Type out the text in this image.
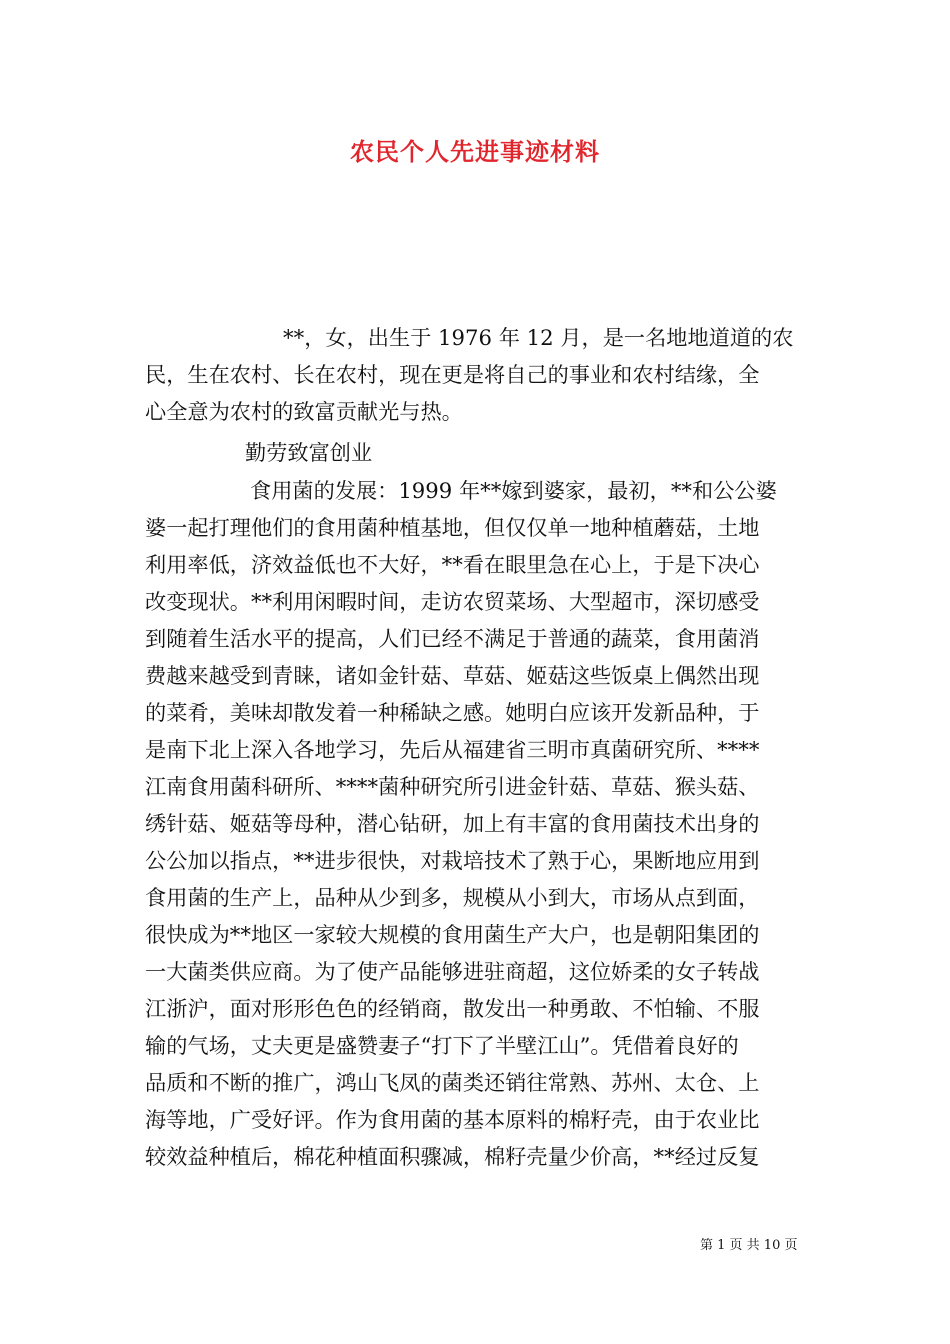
农民个人先进事迹材料

**，女，出生于 1976 年 12 月，是一名地地道道的农

民，生在农村、长在农村，现在更是将自己的事业和农村结缘，全

心全意为农村的致富贡献光与热。

勤劳致富创业

食用菌的发展：1999 年**嫁到婆家，最初，**和公公婆

婆一起打理他们的食用菌种植基地，但仅仅单一地种植蘑菇，土地

利用率低，济效益低也不大好，**看在眼里急在心上，于是下决心

改变现状。**利用闲暇时间，走访农贸菜场、大型超市，深切感受

到随着生活水平的提高，人们已经不满足于普通的蔬菜，食用菌消

费越来越受到青睐，诸如金针菇、草菇、姬菇这些饭桌上偶然出现

的菜肴，美味却散发着一种稀缺之感。她明白应该开发新品种，于

是南下北上深入各地学习，先后从福建省三明市真菌研究所、****

江南食用菌科研所、****菌种研究所引进金针菇、草菇、猴头菇、

绣针菇、姬菇等母种，潜心钻研，加上有丰富的食用菌技术出身的

公公加以指点，**进步很快，对栽培技术了熟于心，果断地应用到

食用菌的生产上，品种从少到多，规模从小到大，市场从点到面，

很快成为**地区一家较大规模的食用菌生产大户，也是朝阳集团的

一大菌类供应商。为了使产品能够进驻商超，这位娇柔的女子转战

江浙沪，面对形形色色的经销商，散发出一种勇敢、不怕输、不服

输的气场，丈夫更是盛赞妻子“打下了半壁江山”。凭借着良好的

品质和不断的推广，鸿山飞凤的菌类还销往常熟、苏州、太仓、上

海等地，广受好评。作为食用菌的基本原料的棉籽壳，由于农业比

较效益种植后，棉花种植面积骤减，棉籽壳量少价高，**经过反复

第 1 页 共 10 页
